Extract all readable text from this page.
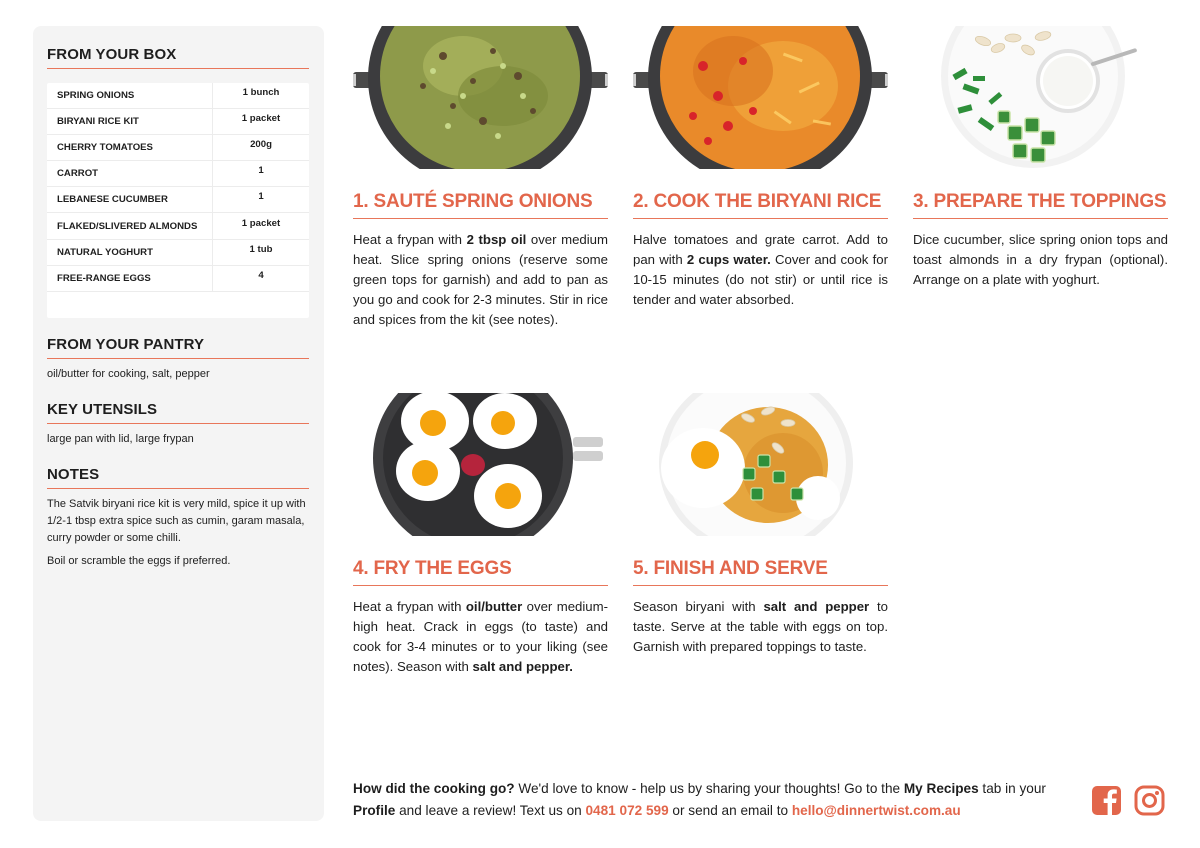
FROM YOUR BOX
SPRING ONIONS	1 bunch
BIRYANI RICE KIT	1 packet
CHERRY TOMATOES	200g
CARROT	1
LEBANESE CUCUMBER	1
FLAKED/SLIVERED ALMONDS	1 packet
NATURAL YOGHURT	1 tub
FREE-RANGE EGGS	4
FROM YOUR PANTRY
oil/butter for cooking, salt, pepper
KEY UTENSILS
large pan with lid, large frypan
NOTES

The Satvik biryani rice kit is very mild, spice it up with 1/2-1 tbsp extra spice such as cumin, garam masala, curry powder or some chilli.

Boil or scramble the eggs if preferred.

1. SAUTÉ SPRING ONIONS
Heat a frypan with 2 tbsp oil over medium heat. Slice spring onions (reserve some green tops for garnish) and add to pan as you go and cook for 2-3 minutes. Stir in rice and spices from the kit (see notes).
2. COOK THE BIRYANI RICE
Halve tomatoes and grate carrot. Add to pan with 2 cups water. Cover and cook for 10-15 minutes (do not stir) or until rice is tender and water absorbed.
3. PREPARE THE TOPPINGS
Dice cucumber, slice spring onion tops and toast almonds in a dry frypan (optional). Arrange on a plate with yoghurt.
4. FRY THE EGGS
Heat a frypan with oil/butter over medium-high heat. Crack in eggs (to taste) and cook for 3-4 minutes or to your liking (see notes). Season with salt and pepper.
5. FINISH AND SERVE
Season biryani with salt and pepper to taste. Serve at the table with eggs on top. Garnish with prepared toppings to taste.
How did the cooking go? We'd love to know - help us by sharing your thoughts! Go to the My Recipes tab in your Profile and leave a review! Text us on 0481 072 599 or send an email to hello@dinnertwist.com.au
